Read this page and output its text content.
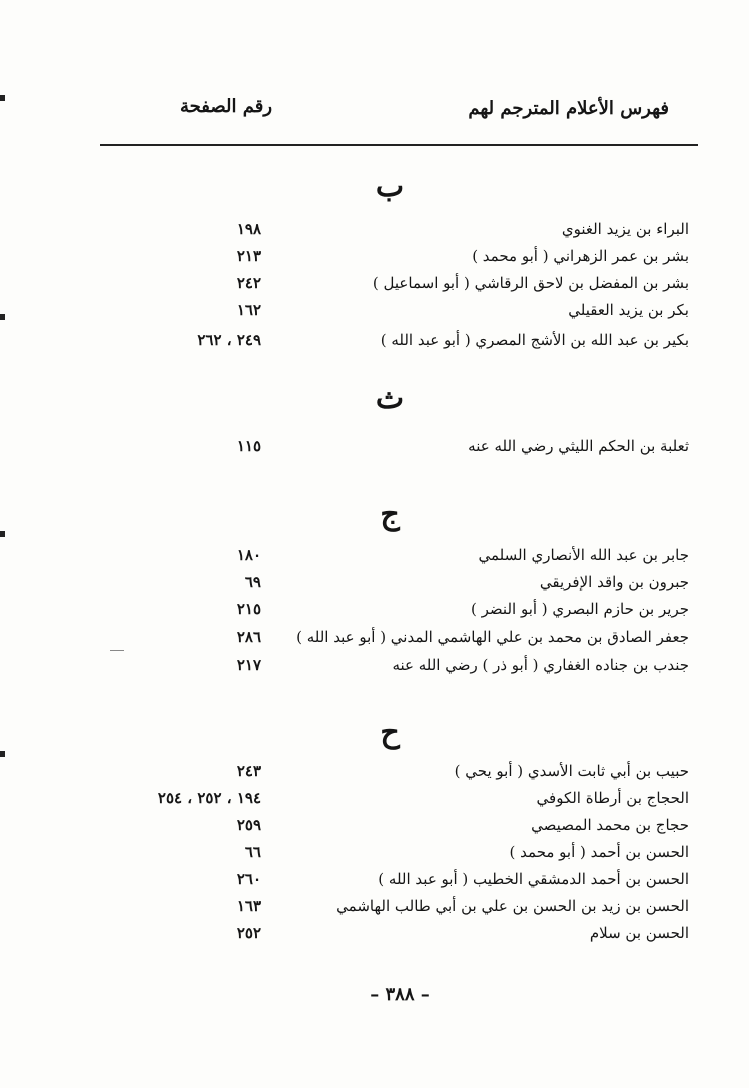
فهرس الأعلام المترجم لهم
رقم الصفحة
ب
البراء بن يزيد الغنوي
١٩٨
بشر بن عمر الزهراني ( أبو محمد )
٢١٣
بشر بن المفضل بن لاحق الرقاشي ( أبو اسماعيل )
٢٤٢
بكر بن يزيد العقيلي
١٦٢
بكير بن عبد الله بن الأشج المصري ( أبو عبد الله )
٢٤٩ ، ٢٦٢
ث
ثعلبة بن الحكم الليثي رضي الله عنه
١١٥
ج
جابر بن عبد الله الأنصاري السلمي
١٨٠
جبرون بن واقد الإفريقي
٦٩
جرير بن حازم البصري ( أبو النضر )
٢١٥
جعفر الصادق بن محمد بن علي الهاشمي المدني ( أبو عبد الله )
٢٨٦
جندب بن جناده الغفاري ( أبو ذر ) رضي الله عنه
٢١٧
ح
حبيب بن أبي ثابت الأسدي ( أبو يحي )
٢٤٣
الحجاج بن أرطاة الكوفي
١٩٤ ، ٢٥٢ ، ٢٥٤
حجاج بن محمد المصيصي
٢٥٩
الحسن بن أحمد ( أبو محمد )
٦٦
الحسن بن أحمد الدمشقي الخطيب ( أبو عبد الله )
٢٦٠
الحسن بن زيد بن الحسن بن علي بن أبي طالب الهاشمي
١٦٣
الحسن بن سلام
٢٥٢
– ٣٨٨ –
